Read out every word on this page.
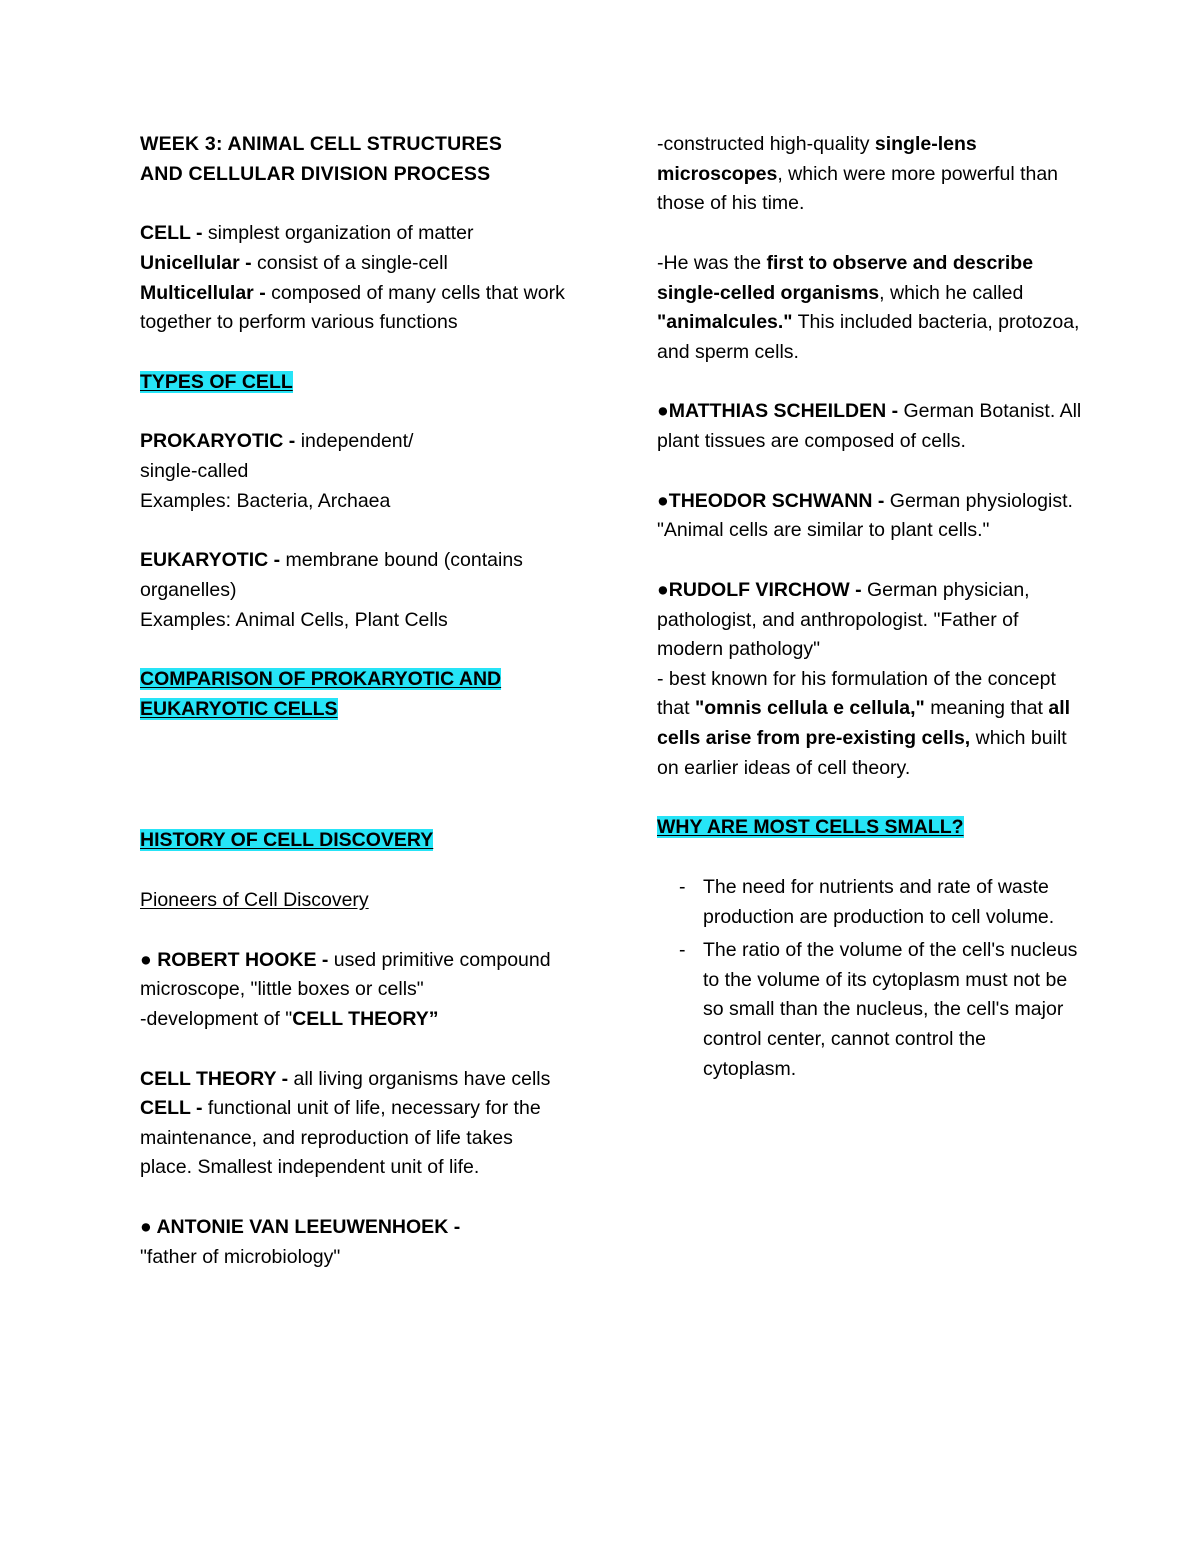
WEEK 3: ANIMAL CELL STRUCTURES
AND CELLULAR DIVISION PROCESS

CELL - simplest organization of matter

Unicellular - consist of a single-cell

Multicellular - composed of many cells that work together to perform various functions

TYPES OF CELL

PROKARYOTIC - independent/

single-called

Examples: Bacteria, Archaea

EUKARYOTIC - membrane bound (contains organelles)

Examples: Animal Cells, Plant Cells

COMPARISON OF PROKARYOTIC AND
EUKARYOTIC CELLS
HISTORY OF CELL DISCOVERY

Pioneers of Cell Discovery

● ROBERT HOOKE - used primitive compound microscope, "little boxes or cells"

-development of "CELL THEORY”

CELL THEORY - all living organisms have cells

CELL - functional unit of life, necessary for the maintenance, and reproduction of life takes place. Smallest independent unit of life.

● ANTONIE VAN LEEUWENHOEK -

"father of microbiology"

-constructed high-quality single-lens microscopes, which were more powerful than those of his time.

-He was the first to observe and describe single-celled organisms, which he called "animalcules." This included bacteria, protozoa, and sperm cells.

●MATTHIAS SCHEILDEN - German Botanist. All plant tissues are composed of cells.

●THEODOR SCHWANN - German physiologist. "Animal cells are similar to plant cells."

●RUDOLF VIRCHOW - German physician, pathologist, and anthropologist. "Father of modern pathology"

- best known for his formulation of the concept that "omnis cellula e cellula," meaning that all cells arise from pre-existing cells, which built on earlier ideas of cell theory.

WHY ARE MOST CELLS SMALL?
- The need for nutrients and rate of waste production are production to cell volume.
- The ratio of the volume of the cell's nucleus to the volume of its cytoplasm must not be so small than the nucleus, the cell's major control center, cannot control the cytoplasm.
